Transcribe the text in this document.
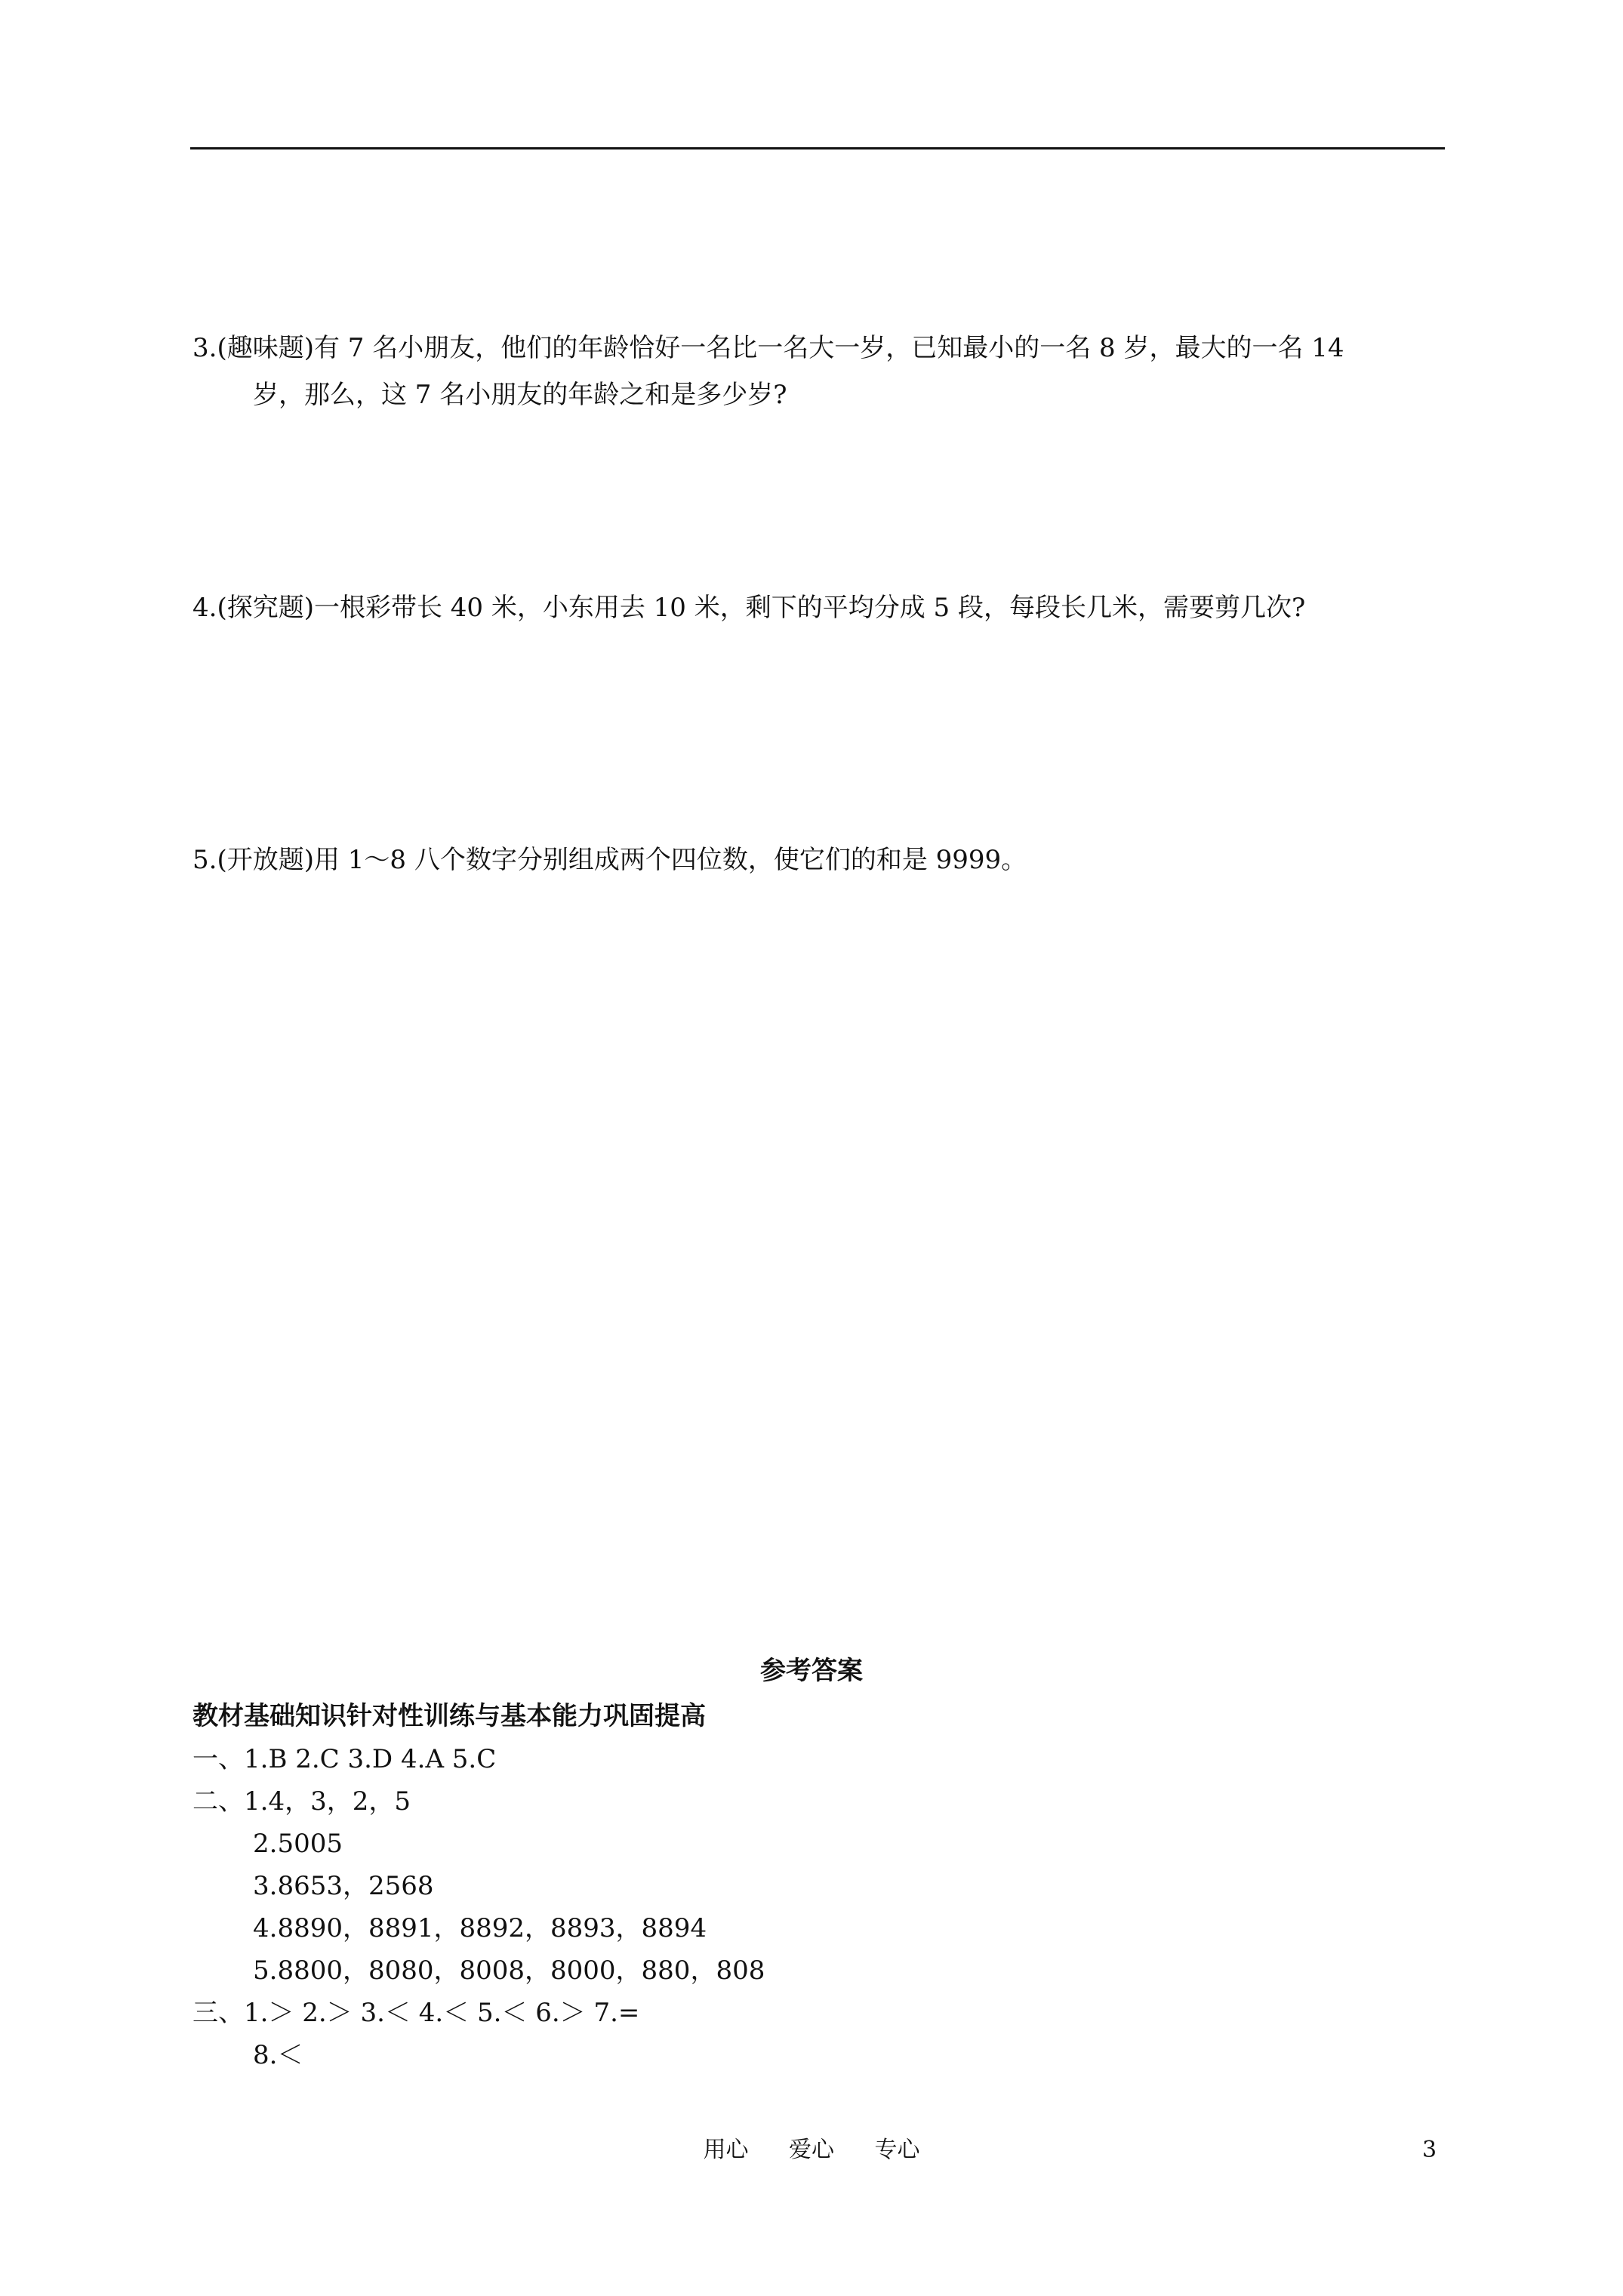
3.(趣味题)有 7 名小朋友，他们的年龄恰好一名比一名大一岁，已知最小的一名 8 岁，最大的一名 14
岁，那么，这 7 名小朋友的年龄之和是多少岁?
4.(探究题)一根彩带长 40 米，小东用去 10 米，剩下的平均分成 5 段，每段长几米，需要剪几次?
5.(开放题)用 1～8 八个数字分别组成两个四位数，使它们的和是 9999。
参考答案
教材基础知识针对性训练与基本能力巩固提高
一、1.B 2.C 3.D 4.A 5.C
二、1.4，3，2，5
2.5005
3.8653，2568
4.8890，8891，8892，8893，8894
5.8800，8080，8008，8000，880，808
三、1.＞ 2.＞ 3.＜ 4.＜ 5.＜ 6.＞ 7.=
8.＜
用心 爱心 专心	3
